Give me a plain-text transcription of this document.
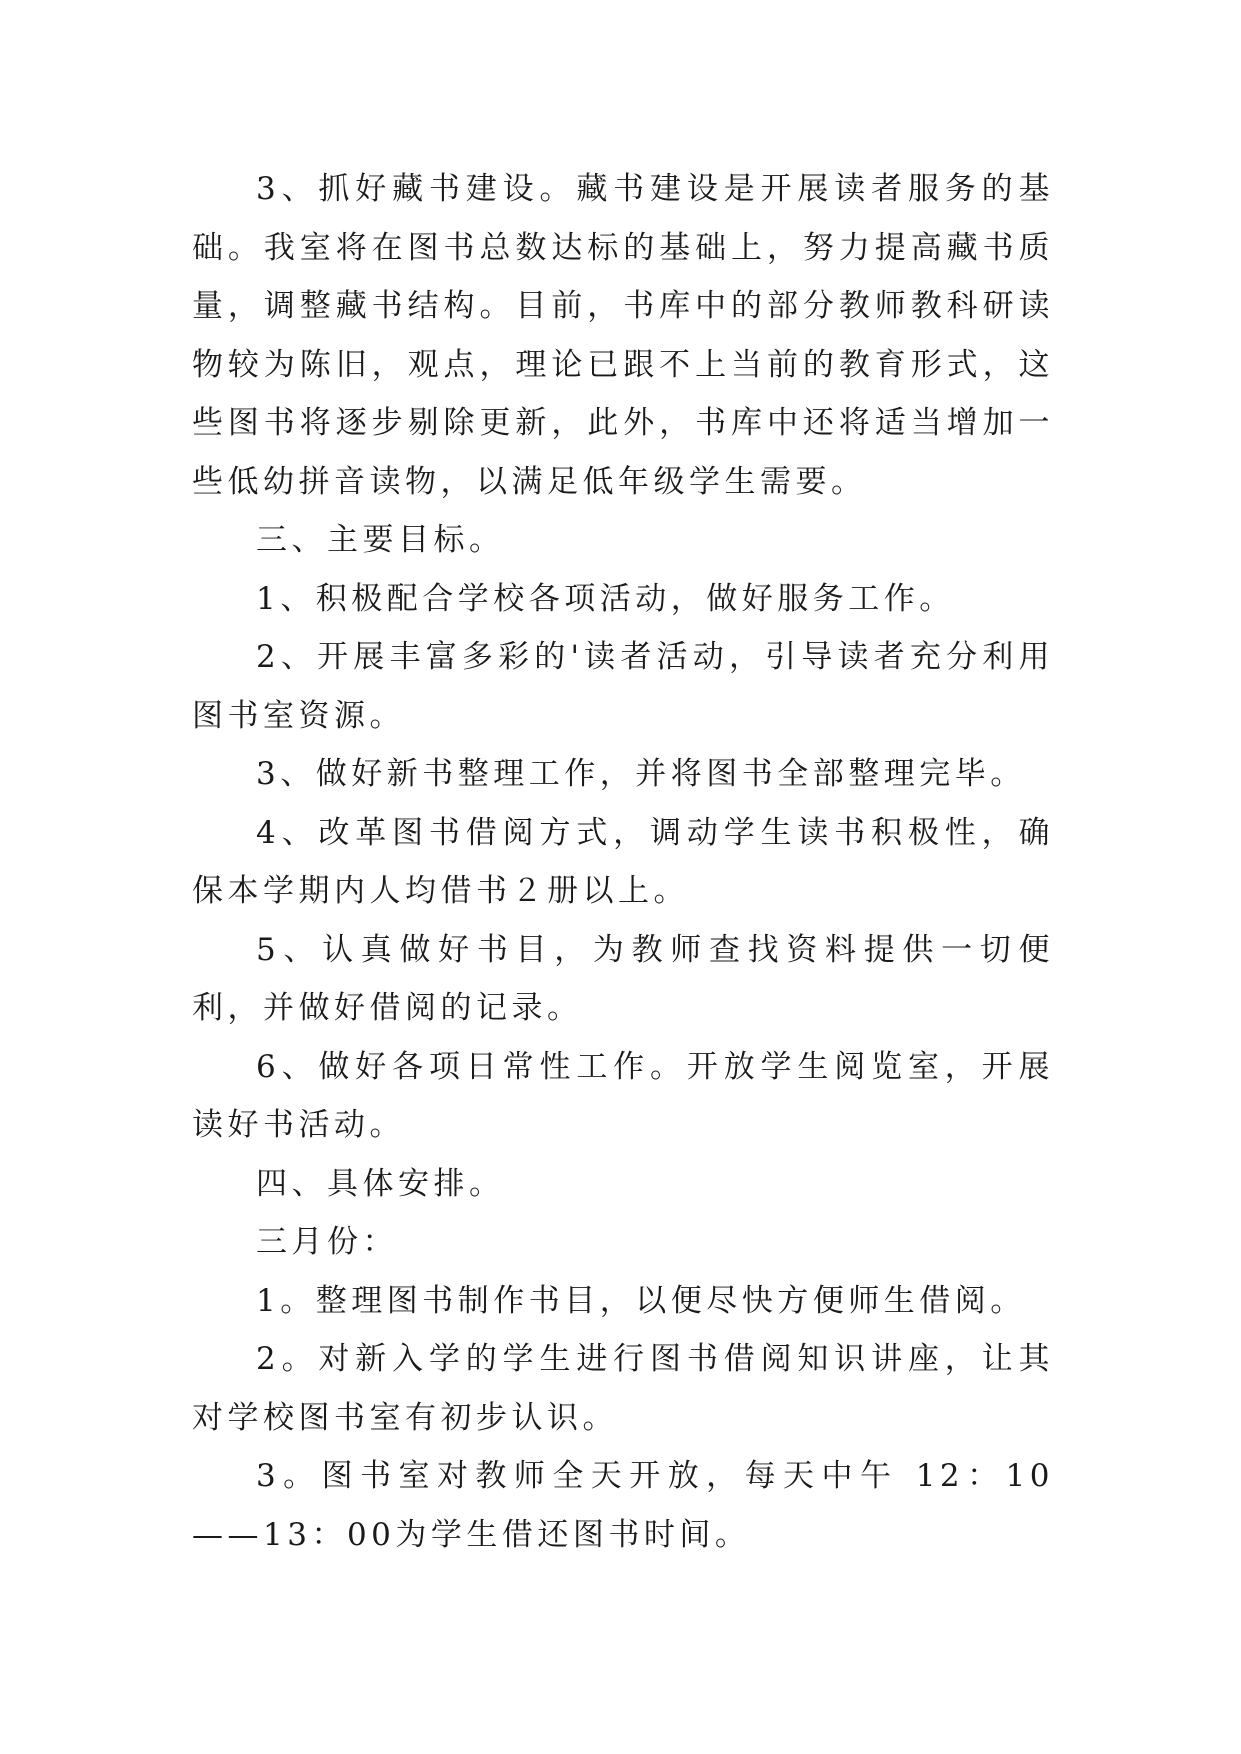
3、抓好藏书建设。藏书建设是开展读者服务的基础。我室将在图书总数达标的基础上，努力提高藏书质量，调整藏书结构。目前，书库中的部分教师教科研读物较为陈旧，观点，理论已跟不上当前的教育形式，这些图书将逐步剔除更新，此外，书库中还将适当增加一些低幼拼音读物，以满足低年级学生需要。

三、主要目标。

1、积极配合学校各项活动，做好服务工作。

2、开展丰富多彩的'读者活动，引导读者充分利用图书室资源。

3、做好新书整理工作，并将图书全部整理完毕。

4、改革图书借阅方式，调动学生读书积极性，确保本学期内人均借书２册以上。

5、认真做好书目，为教师查找资料提供一切便利，并做好借阅的记录。

6、做好各项日常性工作。开放学生阅览室，开展读好书活动。

四、具体安排。

三月份：

1。整理图书制作书目，以便尽快方便师生借阅。

2。对新入学的学生进行图书借阅知识讲座，让其对学校图书室有初步认识。

3。图书室对教师全天开放，每天中午 12：10——13：00为学生借还图书时间。
